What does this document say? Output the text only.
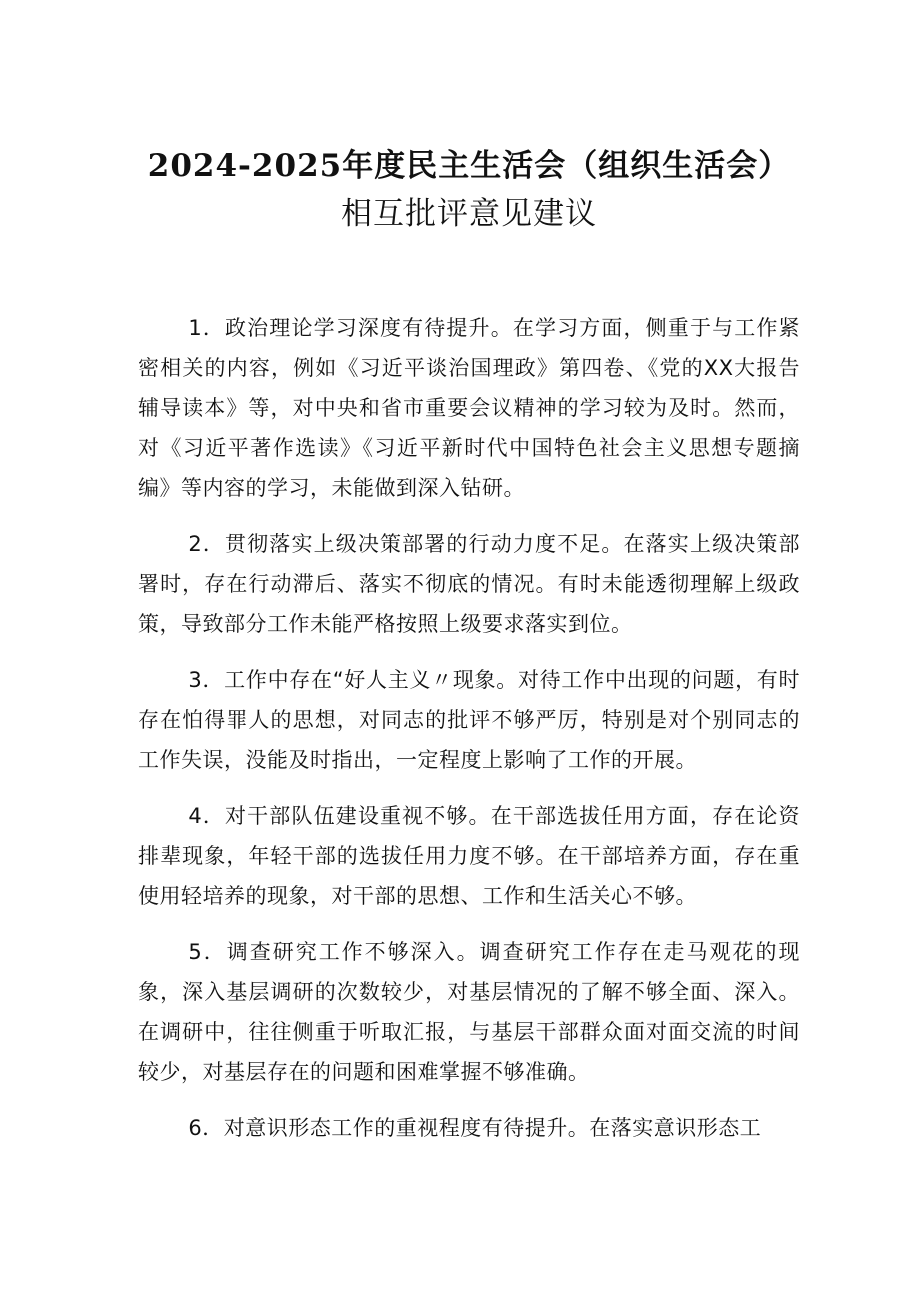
2024-2025年度民主生活会（组织生活会）
相互批评意见建议

1．政治理论学习深度有待提升。在学习方面，侧重于与工作紧密相关的内容，例如《习近平谈治国理政》第四卷、《党的XX大报告辅导读本》等，对中央和省市重要会议精神的学习较为及时。然而，对《习近平著作选读》《习近平新时代中国特色社会主义思想专题摘编》等内容的学习，未能做到深入钻研。

2．贯彻落实上级决策部署的行动力度不足。在落实上级决策部署时，存在行动滞后、落实不彻底的情况。有时未能透彻理解上级政策，导致部分工作未能严格按照上级要求落实到位。

3．工作中存在“好人主义〃现象。对待工作中出现的问题，有时存在怕得罪人的思想，对同志的批评不够严厉，特别是对个别同志的工作失误，没能及时指出，一定程度上影响了工作的开展。

4．对干部队伍建设重视不够。在干部选拔任用方面，存在论资排辈现象，年轻干部的选拔任用力度不够。在干部培养方面，存在重使用轻培养的现象，对干部的思想、工作和生活关心不够。

5．调查研究工作不够深入。调查研究工作存在走马观花的现象，深入基层调研的次数较少，对基层情况的了解不够全面、深入。在调研中，往往侧重于听取汇报，与基层干部群众面对面交流的时间较少，对基层存在的问题和困难掌握不够准确。

6．对意识形态工作的重视程度有待提升。在落实意识形态工
